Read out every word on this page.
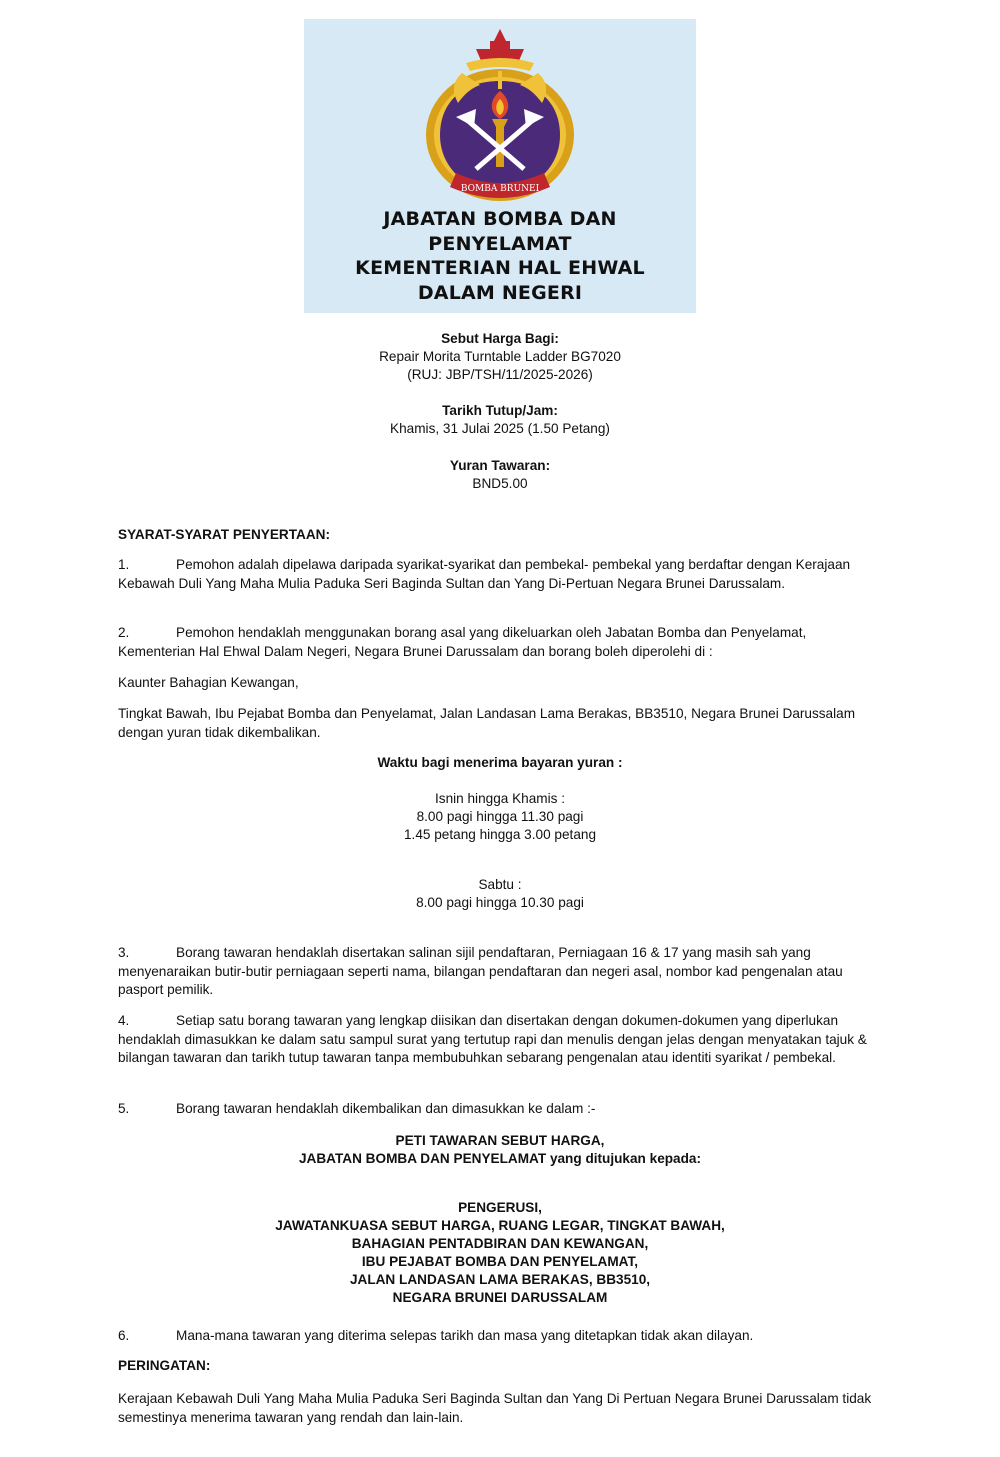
BOMBA BRUNEI
JABATAN BOMBA DAN
PENYELAMAT
KEMENTERIAN HAL EHWAL
DALAM NEGERI
Sebut Harga Bagi:
Repair Morita Turntable Ladder BG7020
(RUJ: JBP/TSH/11/2025-2026)
Tarikh Tutup/Jam:
Khamis, 31 Julai 2025 (1.50 Petang)
Yuran Tawaran:
BND5.00
SYARAT-SYARAT PENYERTAAN:

1.	Pemohon adalah dipelawa daripada syarikat-syarikat dan pembekal- pembekal yang berdaftar dengan Kerajaan Kebawah Duli Yang Maha Mulia Paduka Seri Baginda Sultan dan Yang Di-Pertuan Negara Brunei Darussalam.

2.	Pemohon hendaklah menggunakan borang asal yang dikeluarkan oleh Jabatan Bomba dan Penyelamat, Kementerian Hal Ehwal Dalam Negeri, Negara Brunei Darussalam dan borang boleh diperolehi di :

Kaunter Bahagian Kewangan,

Tingkat Bawah, Ibu Pejabat Bomba dan Penyelamat, Jalan Landasan Lama Berakas, BB3510, Negara Brunei Darussalam dengan yuran tidak dikembalikan.

Waktu bagi menerima bayaran yuran :
Isnin hingga Khamis :
8.00 pagi hingga 11.30 pagi
1.45 petang hingga 3.00 petang
Sabtu :
8.00 pagi hingga 10.30 pagi

3.	Borang tawaran hendaklah disertakan salinan sijil pendaftaran, Perniagaan 16 & 17 yang masih sah yang menyenaraikan butir-butir perniagaan seperti nama, bilangan pendaftaran dan negeri asal, nombor kad pengenalan atau pasport pemilik.

4.	Setiap satu borang tawaran yang lengkap diisikan dan disertakan dengan dokumen-dokumen yang diperlukan hendaklah dimasukkan ke dalam satu sampul surat yang tertutup rapi dan menulis dengan jelas dengan menyatakan tajuk & bilangan tawaran dan tarikh tutup tawaran tanpa membubuhkan sebarang pengenalan atau identiti syarikat / pembekal.

5.	Borang tawaran hendaklah dikembalikan dan dimasukkan ke dalam :-

PETI TAWARAN SEBUT HARGA,
JABATAN BOMBA DAN PENYELAMAT yang ditujukan kepada:
PENGERUSI,
JAWATANKUASA SEBUT HARGA, RUANG LEGAR, TINGKAT BAWAH,
BAHAGIAN PENTADBIRAN DAN KEWANGAN,
IBU PEJABAT BOMBA DAN PENYELAMAT,
JALAN LANDASAN LAMA BERAKAS, BB3510,
NEGARA BRUNEI DARUSSALAM

6.	Mana-mana tawaran yang diterima selepas tarikh dan masa yang ditetapkan tidak akan dilayan.

PERINGATAN:

Kerajaan Kebawah Duli Yang Maha Mulia Paduka Seri Baginda Sultan dan Yang Di Pertuan Negara Brunei Darussalam tidak semestinya menerima tawaran yang rendah dan lain-lain.
